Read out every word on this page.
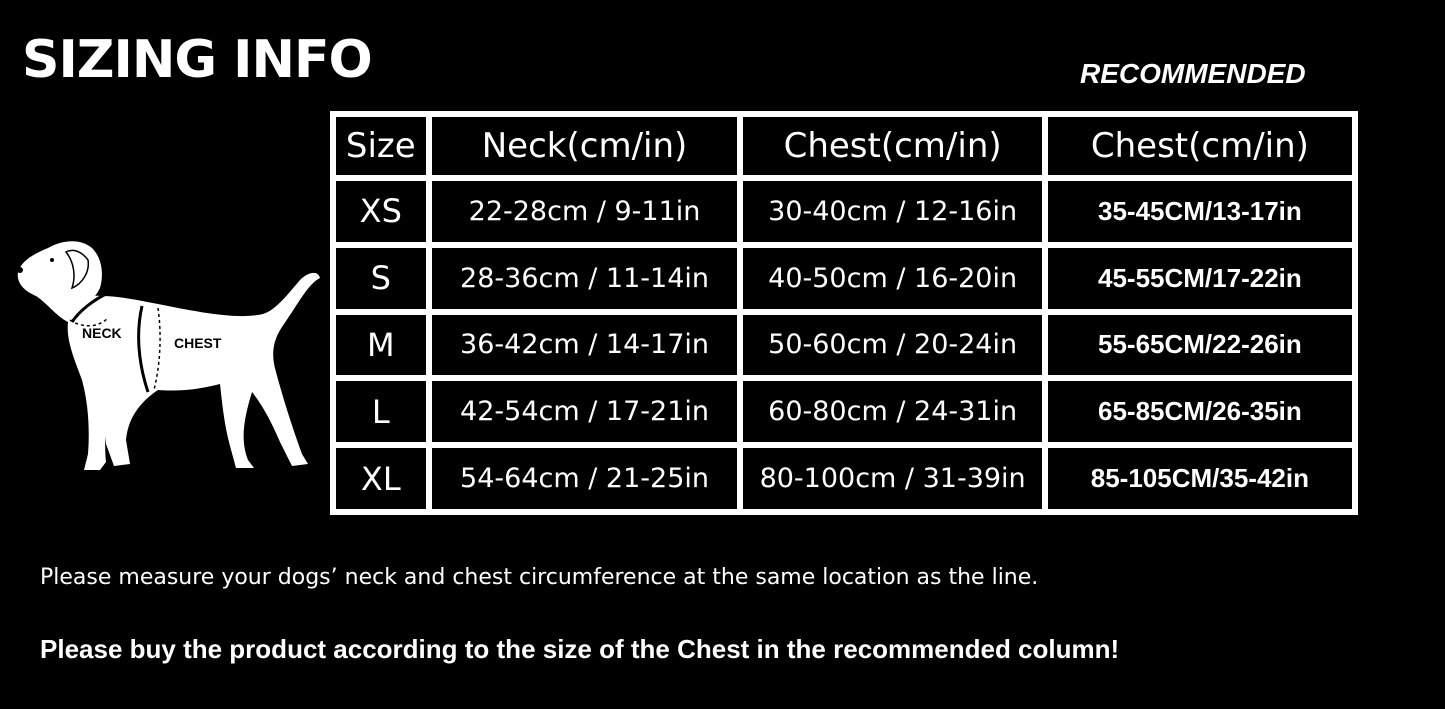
SIZING INFO	RECOMMENDED
NECK
CHEST
Size	Neck(cm/in)	Chest(cm/in)	Chest(cm/in)
XS	22-28cm / 9-11in	30-40cm / 12-16in	35-45CM/13-17in
S	28-36cm / 11-14in	40-50cm / 16-20in	45-55CM/17-22in
M	36-42cm / 14-17in	50-60cm / 20-24in	55-65CM/22-26in
L	42-54cm / 17-21in	60-80cm / 24-31in	65-85CM/26-35in
XL	54-64cm / 21-25in	80-100cm / 31-39in	85-105CM/35-42in
Please measure your dogs’ neck and chest circumference at the same location as the line.
Please buy the product according to the size of the Chest in the recommended column!
